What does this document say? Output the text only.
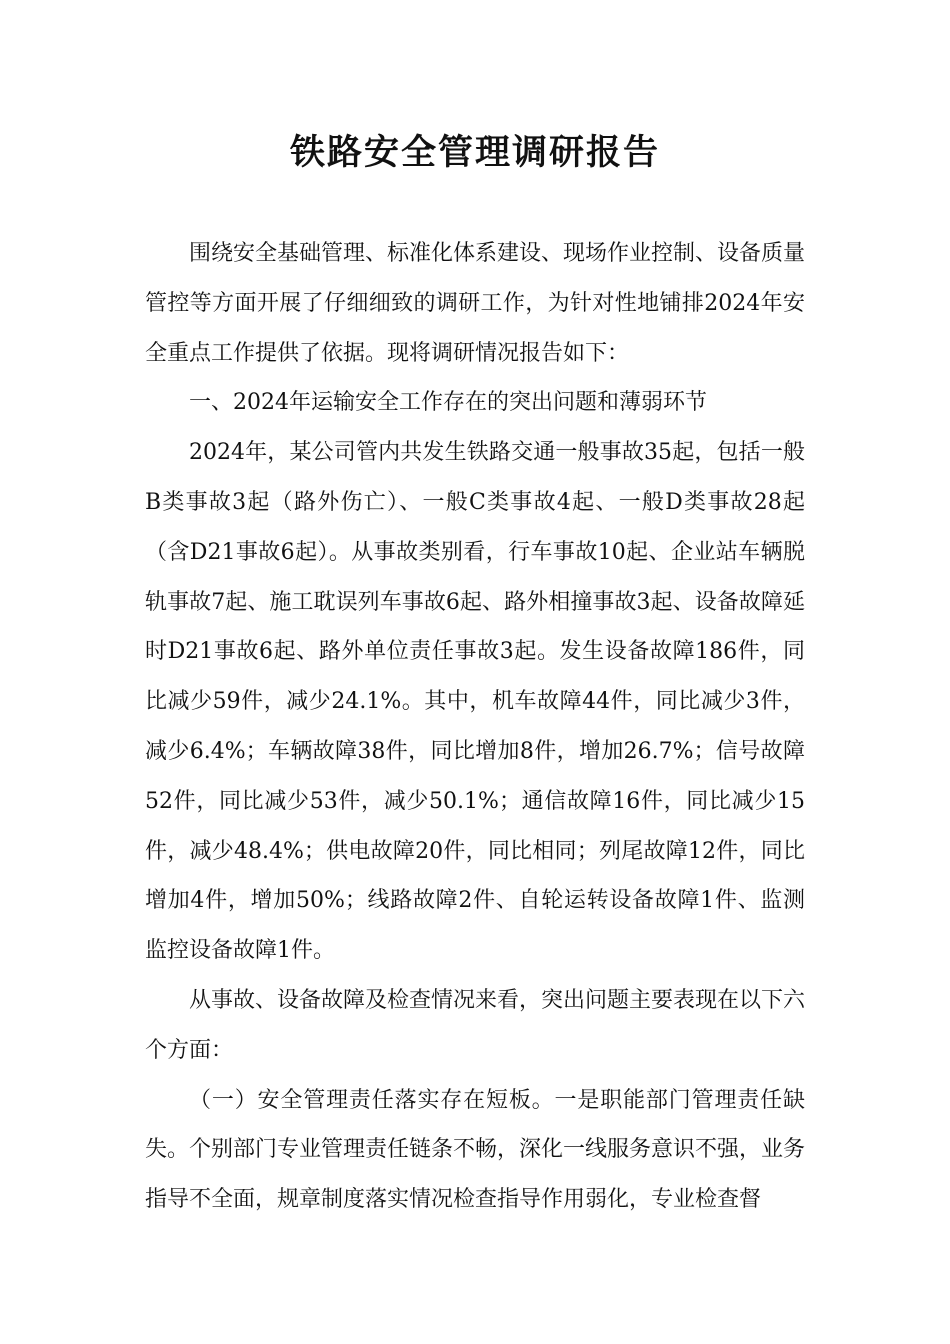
铁路安全管理调研报告

围绕安全基础管理、标准化体系建设、现场作业控制、设备质量管控等方面开展了仔细细致的调研工作，为针对性地铺排2024年安全重点工作提供了依据。现将调研情况报告如下：

一、2024年运输安全工作存在的突出问题和薄弱环节

2024年，某公司管内共发生铁路交通一般事故35起，包括一般B类事故3起（路外伤亡）、一般C类事故4起、一般D类事故28起（含D21事故6起）。从事故类别看，行车事故10起、企业站车辆脱轨事故7起、施工耽误列车事故6起、路外相撞事故3起、设备故障延时D21事故6起、路外单位责任事故3起。发生设备故障186件，同比减少59件，减少24.1%。其中，机车故障44件，同比减少3件，减少6.4%；车辆故障38件，同比增加8件，增加26.7%；信号故障52件，同比减少53件，减少50.1%；通信故障16件，同比减少15件，减少48.4%；供电故障20件，同比相同；列尾故障12件，同比增加4件，增加50%；线路故障2件、自轮运转设备故障1件、监测监控设备故障1件。

从事故、设备故障及检查情况来看，突出问题主要表现在以下六个方面：

（一）安全管理责任落实存在短板。一是职能部门管理责任缺失。个别部门专业管理责任链条不畅，深化一线服务意识不强，业务指导不全面，规章制度落实情况检查指导作用弱化，专业检查督
